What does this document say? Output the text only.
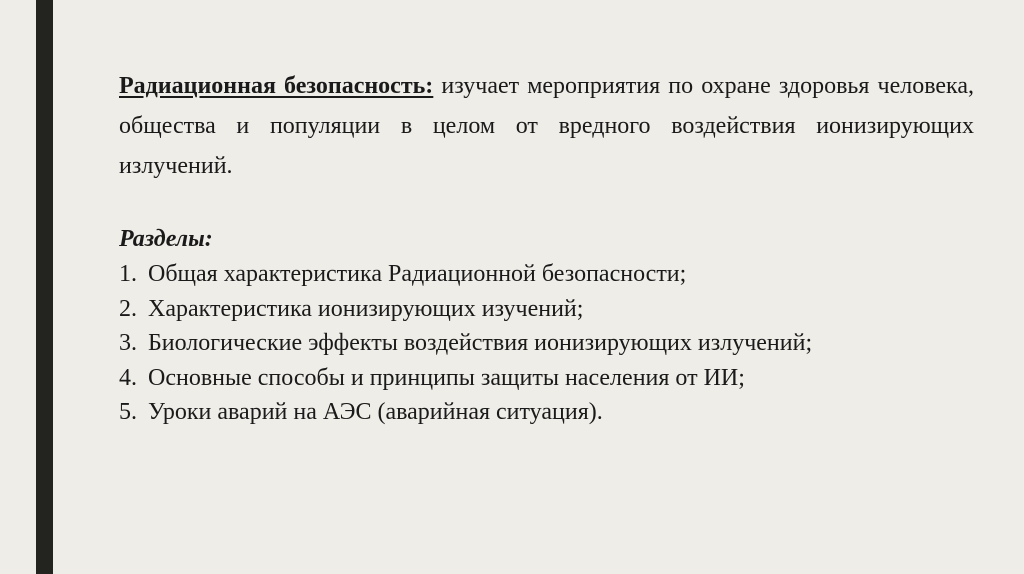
Радиационная безопасность: изучает мероприятия по охране здоровья человека, общества и популяции в целом от вредного воздействия ионизирующих излучений.

Разделы:
1. Общая характеристика Радиационной безопасности;
2. Характеристика ионизирующих изучений;
3. Биологические эффекты воздействия ионизирующих излучений;
4. Основные способы и принципы защиты населения от ИИ;
5. Уроки аварий на АЭС (аварийная ситуация).
